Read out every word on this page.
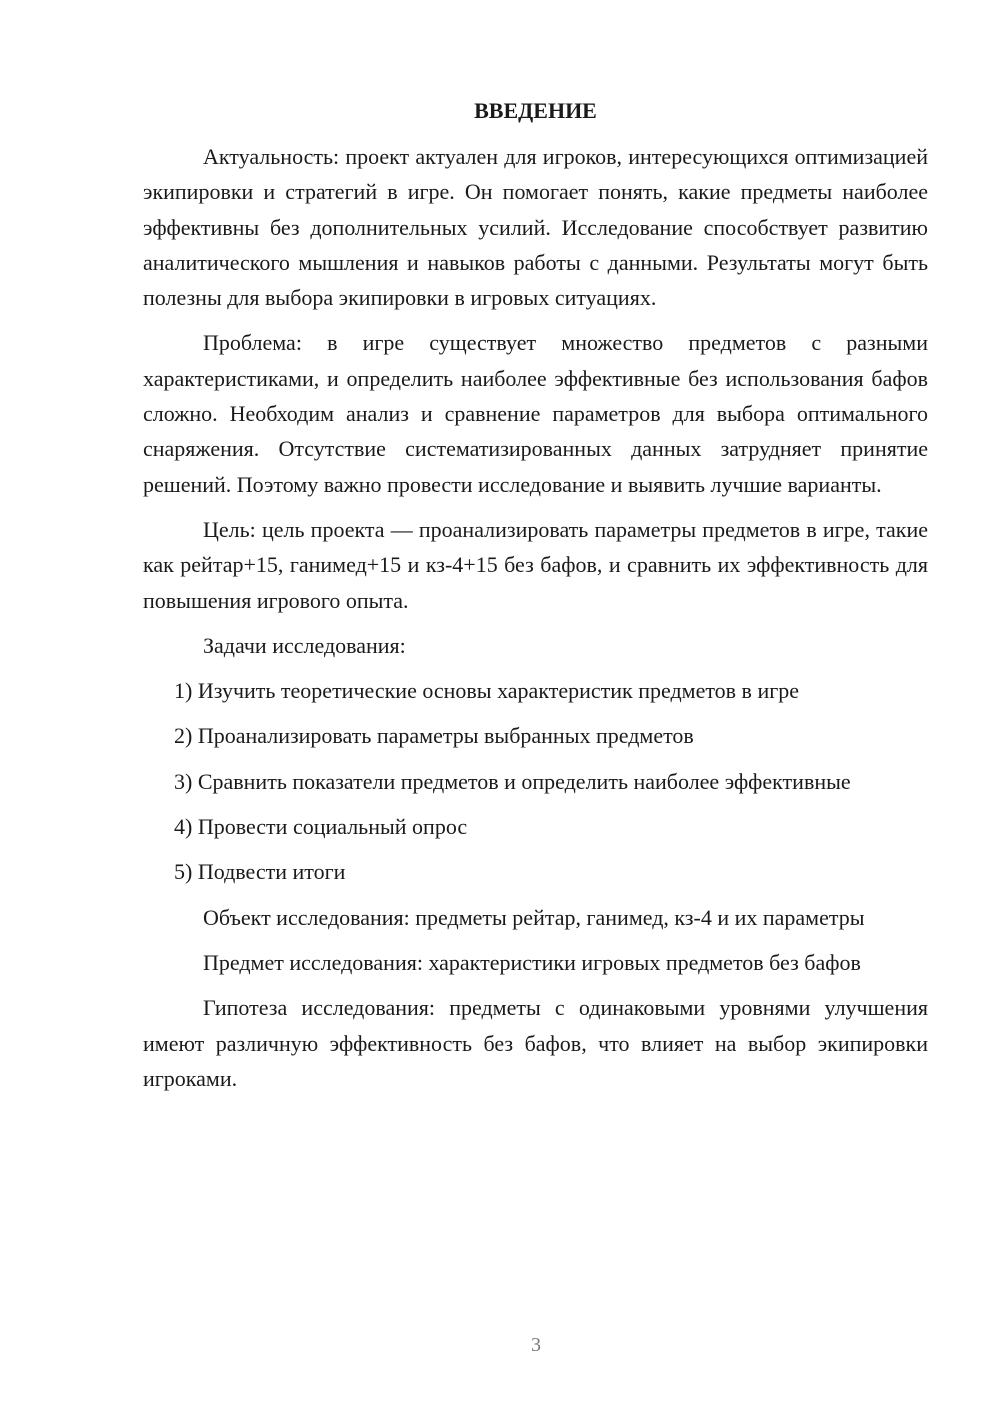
ВВЕДЕНИЕ

Актуальность: проект актуален для игроков, интересующихся оптимизацией экипировки и стратегий в игре. Он помогает понять, какие предметы наиболее эффективны без дополнительных усилий. Исследование способствует развитию аналитического мышления и навыков работы с данными. Результаты могут быть полезны для выбора экипировки в игровых ситуациях.

Проблема: в игре существует множество предметов с разными характеристиками, и определить наиболее эффективные без использования бафов сложно. Необходим анализ и сравнение параметров для выбора оптимального снаряжения. Отсутствие систематизированных данных затрудняет принятие решений. Поэтому важно провести исследование и выявить лучшие варианты.

Цель: цель проекта — проанализировать параметры предметов в игре, такие как рейтар+15, ганимед+15 и кз-4+15 без бафов, и сравнить их эффективность для повышения игрового опыта.

Задачи исследования:

1) Изучить теоретические основы характеристик предметов в игре

2) Проанализировать параметры выбранных предметов

3) Сравнить показатели предметов и определить наиболее эффективные

4) Провести социальный опрос

5) Подвести итоги

Объект исследования: предметы рейтар, ганимед, кз-4 и их параметры

Предмет исследования: характеристики игровых предметов без бафов

Гипотеза исследования: предметы с одинаковыми уровнями улучшения имеют различную эффективность без бафов, что влияет на выбор экипировки игроками.

3
